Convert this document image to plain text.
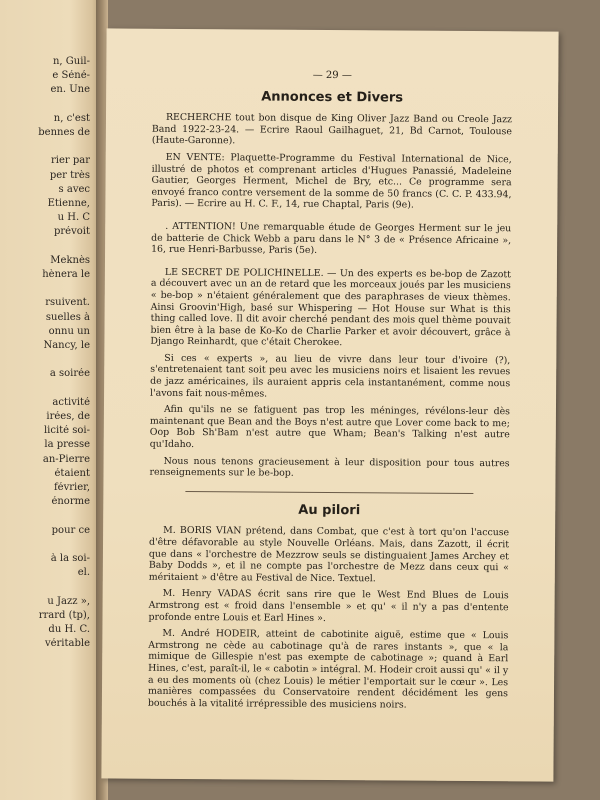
n, Guil-
e Séné-
en. Une
n, c'est
bennes de
rier par
per très
s avec
Etienne,
u H. C
prévoit
Meknès
hènera le
rsuivent.
suelles à
onnu un
Nancy, le
a soirée
activité
irées, de
licité soi-
la presse
an-Pierre
étaient
février,
énorme
pour ce
à la soi-
el.
u Jazz »,
rrard (tp),
du H. C.
véritable
— 29 —
Annonces et Divers

RECHERCHE tout bon disque de King Oliver Jazz Band ou Creole Jazz Band 1922-23-24. — Ecrire Raoul Gailhaguet, 21, Bd Carnot, Toulouse (Haute-Garonne).

EN VENTE: Plaquette-Programme du Festival International de Nice, illustré de photos et comprenant articles d'Hugues Panassié, Madeleine Gautier, Georges Herment, Michel de Bry, etc... Ce programme sera envoyé franco contre versement de la somme de 50 francs (C. C. P. 433.94, Paris). — Ecrire au H. C. F., 14, rue Chaptal, Paris (9e).

. ATTENTION! Une remarquable étude de Georges Herment sur le jeu de batterie de Chick Webb a paru dans le N° 3 de « Présence Africaine », 16, rue Henri-Barbusse, Paris (5e).

LE SECRET DE POLICHINELLE. — Un des experts es be-bop de Zazott a découvert avec un an de retard que les morceaux joués par les musiciens « be-bop » n'étaient généralement que des paraphrases de vieux thèmes. Ainsi Groovin'High, basé sur Whispering — Hot House sur What is this thing called love. Il dit avoir cherché pendant des mois quel thème pouvait bien être à la base de Ko-Ko de Charlie Parker et avoir découvert, grâce à Django Reinhardt, que c'était Cherokee.

Si ces « experts », au lieu de vivre dans leur tour d'ivoire (?), s'entretenaient tant soit peu avec les musiciens noirs et lisaient les revues de jazz américaines, ils auraient appris cela instantanément, comme nous l'avons fait nous-mêmes.

Afin qu'ils ne se fatiguent pas trop les méninges, révélons-leur dès maintenant que Bean and the Boys n'est autre que Lover come back to me; Oop Bob Sh'Bam n'est autre que Wham; Bean's Talking n'est autre qu'Idaho.

Nous nous tenons gracieusement à leur disposition pour tous autres renseignements sur le be-bop.

Au pilori

M. BORIS VIAN prétend, dans Combat, que c'est à tort qu'on l'accuse d'être défavorable au style Nouvelle Orléans. Mais, dans Zazott, il écrit que dans « l'orchestre de Mezzrow seuls se distinguaient James Archey et Baby Dodds », et il ne compte pas l'orchestre de Mezz dans ceux qui « méritaient » d'être au Festival de Nice. Textuel.

M. Henry VADAS écrit sans rire que le West End Blues de Louis Armstrong est « froid dans l'ensemble » et qu' « il n'y a pas d'entente profonde entre Louis et Earl Hines ».

M. André HODEIR, atteint de cabotinite aiguë, estime que « Louis Armstrong ne cède au cabotinage qu'à de rares instants », que « la mimique de Gillespie n'est pas exempte de cabotinage »; quand à Earl Hines, c'est, paraît-il, le « cabotin » intégral. M. Hodeir croit aussi qu' « il y a eu des moments où (chez Louis) le métier l'emportait sur le cœur ». Les manières compassées du Conservatoire rendent décidément les gens bouchés à la vitalité irrépressible des musiciens noirs.
